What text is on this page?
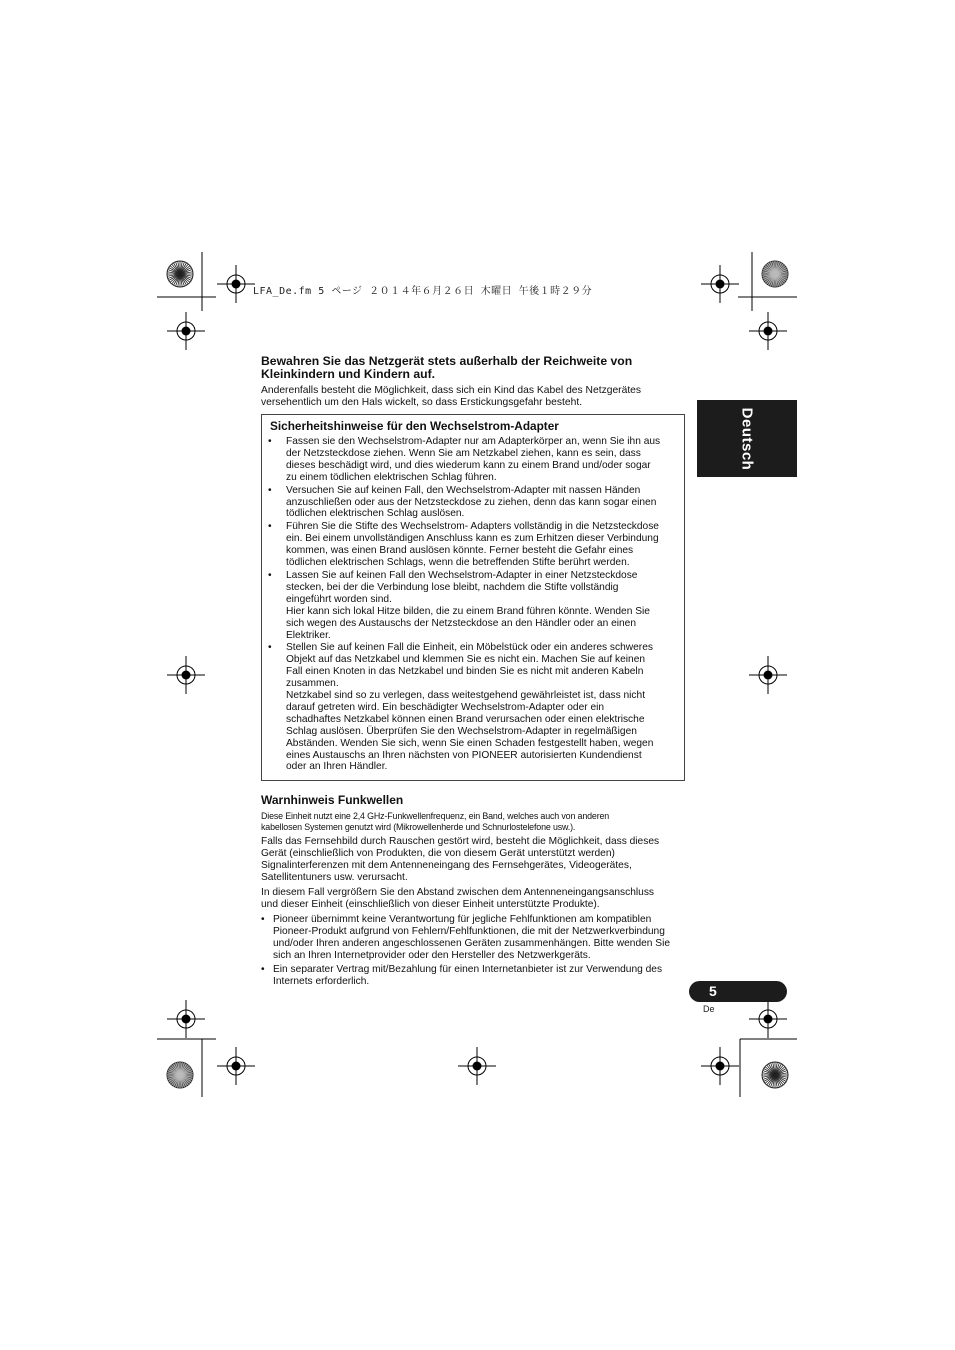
LFA_De.fm 5 ページ ２０１４年６月２６日 木曜日 午後１時２９分
Deutsch
Bewahren Sie das Netzgerät stets außerhalb der Reichweite von
Kleinkindern und Kindern auf.

Anderenfalls besteht die Möglichkeit, dass sich ein Kind das Kabel des Netzgerätes
versehentlich um den Hals wickelt, so dass Erstickungsgefahr besteht.

Sicherheitshinweise für den Wechselstrom-Adapter
• Fassen sie den Wechselstrom-Adapter nur am Adapterkörper an, wenn Sie ihn aus
der Netzsteckdose ziehen. Wenn Sie am Netzkabel ziehen, kann es sein, dass
dieses beschädigt wird, und dies wiederum kann zu einem Brand und/oder sogar
zu einem tödlichen elektrischen Schlag führen.
• Versuchen Sie auf keinen Fall, den Wechselstrom-Adapter mit nassen Händen
anzuschließen oder aus der Netzsteckdose zu ziehen, denn das kann sogar einen
tödlichen elektrischen Schlag auslösen.
• Führen Sie die Stifte des Wechselstrom- Adapters vollständig in die Netzsteckdose
ein. Bei einem unvollständigen Anschluss kann es zum Erhitzen dieser Verbindung
kommen, was einen Brand auslösen könnte. Ferner besteht die Gefahr eines
tödlichen elektrischen Schlags, wenn die betreffenden Stifte berührt werden.
• Lassen Sie auf keinen Fall den Wechselstrom-Adapter in einer Netzsteckdose
stecken, bei der die Verbindung lose bleibt, nachdem die Stifte vollständig
eingeführt worden sind.
Hier kann sich lokal Hitze bilden, die zu einem Brand führen könnte. Wenden Sie
sich wegen des Austauschs der Netzsteckdose an den Händler oder an einen
Elektriker.
• Stellen Sie auf keinen Fall die Einheit, ein Möbelstück oder ein anderes schweres
Objekt auf das Netzkabel und klemmen Sie es nicht ein. Machen Sie auf keinen
Fall einen Knoten in das Netzkabel und binden Sie es nicht mit anderen Kabeln
zusammen.
Netzkabel sind so zu verlegen, dass weitestgehend gewährleistet ist, dass nicht
darauf getreten wird. Ein beschädigter Wechselstrom-Adapter oder ein
schadhaftes Netzkabel können einen Brand verursachen oder einen elektrische
Schlag auslösen. Überprüfen Sie den Wechselstrom-Adapter in regelmäßigen
Abständen. Wenden Sie sich, wenn Sie einen Schaden festgestellt haben, wegen
eines Austauschs an Ihren nächsten von PIONEER autorisierten Kundendienst
oder an Ihren Händler.
Warnhinweis Funkwellen

Diese Einheit nutzt eine 2,4 GHz-Funkwellenfrequenz, ein Band, welches auch von anderen
kabellosen Systemen genutzt wird (Mikrowellenherde und Schnurlostelefone usw.).

Falls das Fernsehbild durch Rauschen gestört wird, besteht die Möglichkeit, dass dieses
Gerät (einschließlich von Produkten, die von diesem Gerät unterstützt werden)
Signalinterferenzen mit dem Antenneneingang des Fernsehgerätes, Videogerätes,
Satellitentuners usw. verursacht.

In diesem Fall vergrößern Sie den Abstand zwischen dem Antenneneingangsanschluss
und dieser Einheit (einschließlich von dieser Einheit unterstützte Produkte).

• Pioneer übernimmt keine Verantwortung für jegliche Fehlfunktionen am kompatiblen
Pioneer-Produkt aufgrund von Fehlern/Fehlfunktionen, die mit der Netzwerkverbindung
und/oder Ihren anderen angeschlossenen Geräten zusammenhängen. Bitte wenden Sie
sich an Ihren Internetprovider oder den Hersteller des Netzwerkgeräts.
• Ein separater Vertrag mit/Bezahlung für einen Internetanbieter ist zur Verwendung des
Internets erforderlich.
5
De
